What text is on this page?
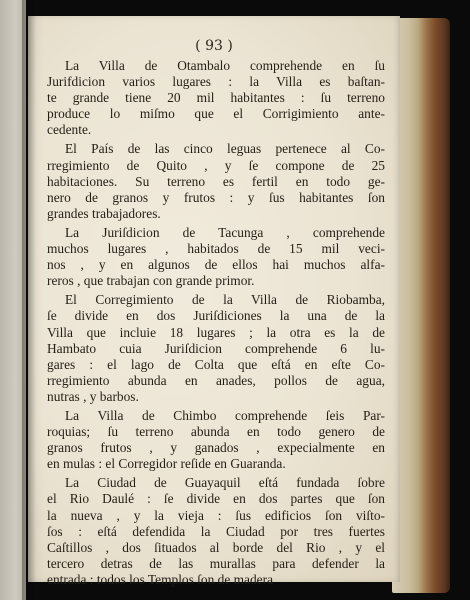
( 93 )
La Villa de Otambalo comprehende en ſu
Jurifdicion varios lugares : la Villa es baſtan-
te grande tiene 20 mil habitantes : ſu terreno
produce lo miſmo que el Corrigimiento ante-
cedente.
El País de las cinco leguas pertenece al Co-
rregimiento de Quito , y ſe compone de 25
habitaciones. Su terreno es fertil en todo ge-
nero de granos y frutos : y ſus habitantes ſon
grandes trabajadores.
La Juriſdicion de Tacunga , comprehende
muchos lugares , habitados de 15 mil veci-
nos , y en algunos de ellos hai muchos alfa-
reros , que trabajan con grande primor.
El Corregimiento de la Villa de Riobamba,
ſe divide en dos Juriſdiciones la una de la
Villa que incluie 18 lugares ; la otra es la de
Hambato cuia Juriſdicion comprehende 6 lu-
gares : el lago de Colta que eſtá en eſte Co-
rregimiento abunda en anades, pollos de agua,
nutras , y barbos.
La Villa de Chimbo comprehende ſeis Par-
roquias; ſu terreno abunda en todo genero de
granos frutos , y ganados , expecialmente en
en mulas : el Corregidor reſide en Guaranda.
La Ciudad de Guayaquil eſtá fundada ſobre
el Rio Daulé : ſe divide en dos partes que ſon
la nueva , y la vieja : ſus edificios ſon viſto-
ſos : eſtá defendida la Ciudad por tres fuertes
Caſtillos , dos ſituados al borde del Rio , y el
tercero detras de las murallas para defender la
entrada : todos los Templos ſon de madera
